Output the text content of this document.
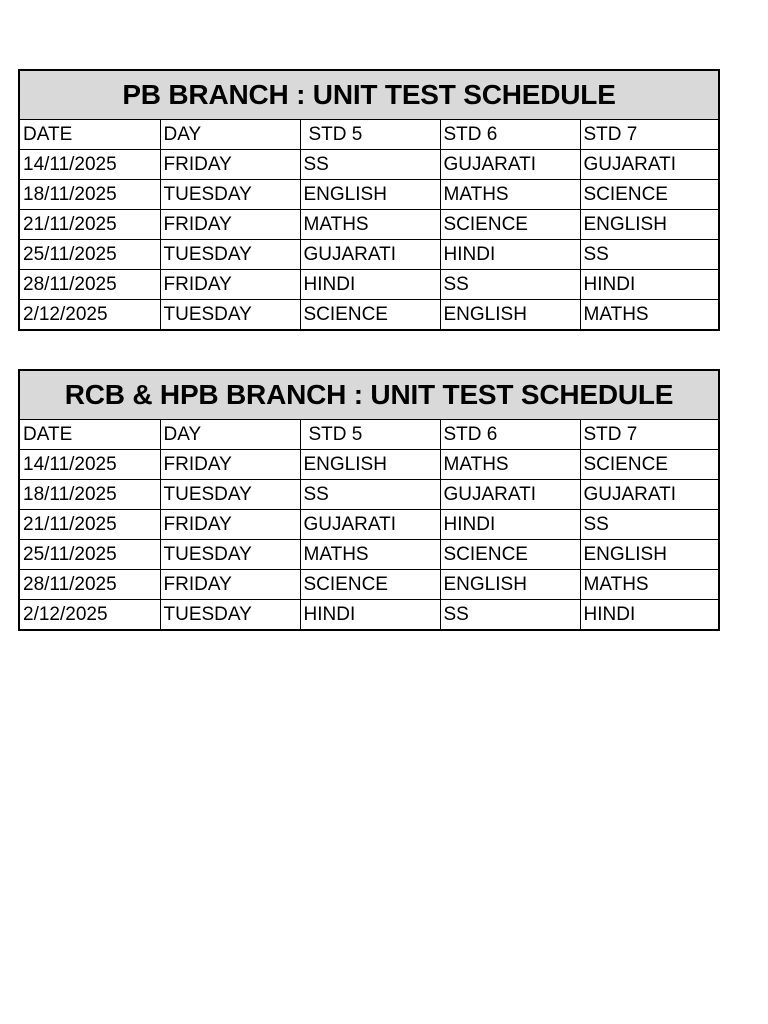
PB BRANCH : UNIT TEST SCHEDULE
DATE	DAY	STD 5	STD 6	STD 7
14/11/2025	FRIDAY	SS	GUJARATI	GUJARATI
18/11/2025	TUESDAY	ENGLISH	MATHS	SCIENCE
21/11/2025	FRIDAY	MATHS	SCIENCE	ENGLISH
25/11/2025	TUESDAY	GUJARATI	HINDI	SS
28/11/2025	FRIDAY	HINDI	SS	HINDI
2/12/2025	TUESDAY	SCIENCE	ENGLISH	MATHS
RCB & HPB BRANCH : UNIT TEST SCHEDULE
DATE	DAY	STD 5	STD 6	STD 7
14/11/2025	FRIDAY	ENGLISH	MATHS	SCIENCE
18/11/2025	TUESDAY	SS	GUJARATI	GUJARATI
21/11/2025	FRIDAY	GUJARATI	HINDI	SS
25/11/2025	TUESDAY	MATHS	SCIENCE	ENGLISH
28/11/2025	FRIDAY	SCIENCE	ENGLISH	MATHS
2/12/2025	TUESDAY	HINDI	SS	HINDI
